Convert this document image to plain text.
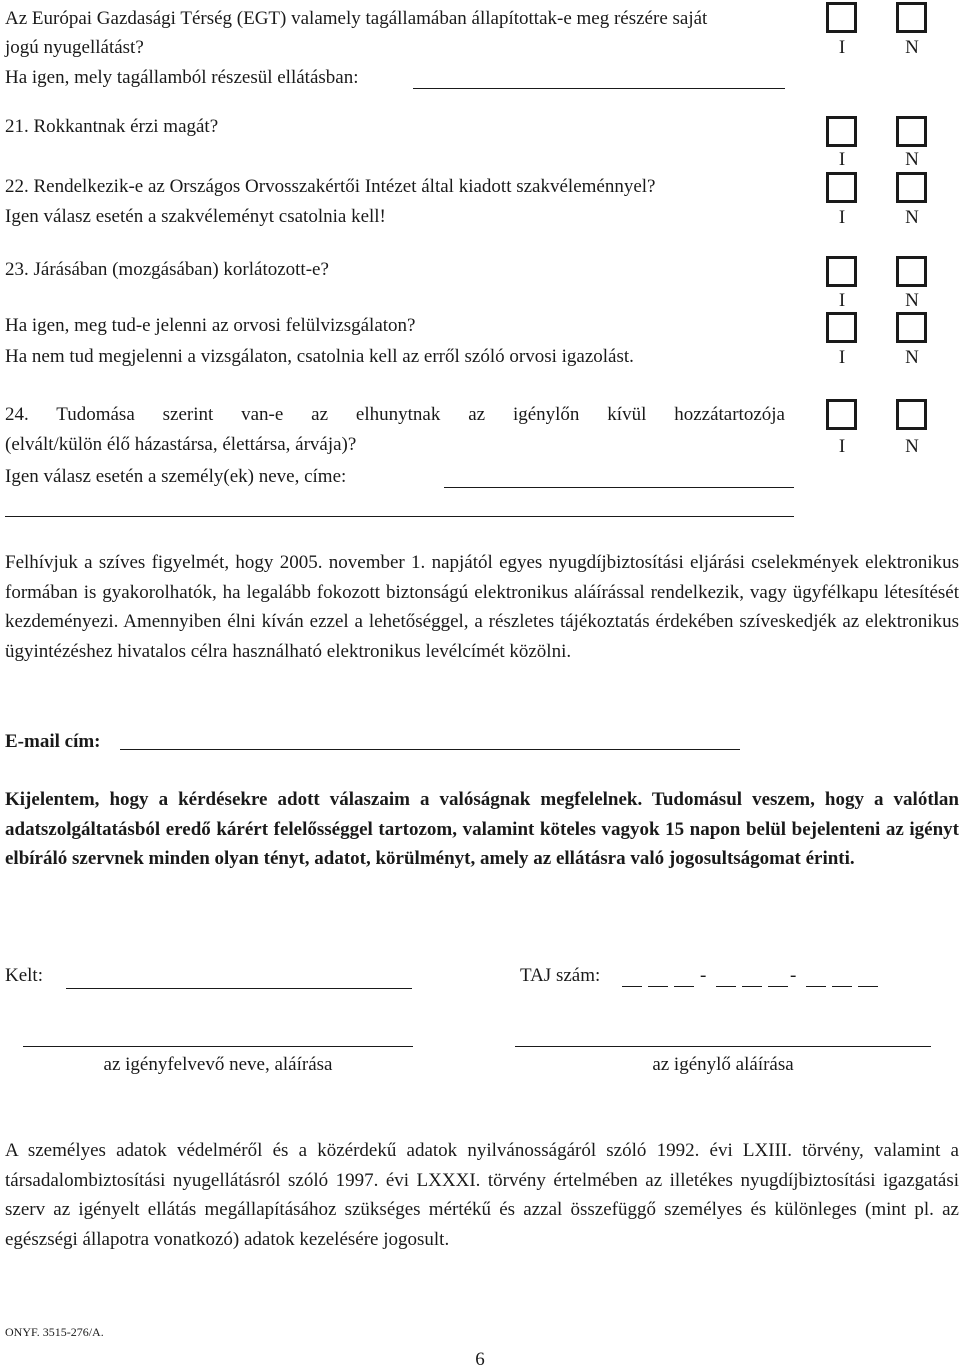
Az Európai Gazdasági Térség (EGT) valamely tagállamában állapítottak-e meg részére saját
jogú nyugellátást?
Ha igen, mely tagállamból részesül ellátásban:
I	N
21. Rokkantnak érzi magát?
I	N
22. Rendelkezik-e az Országos Orvosszakértői Intézet által kiadott szakvéleménnyel?
Igen válasz esetén a szakvéleményt csatolnia kell!	I	N
23. Járásában (mozgásában) korlátozott-e?
I	N
Ha igen, meg tud-e jelenni az orvosi felülvizsgálaton?
Ha nem tud megjelenni a vizsgálaton, csatolnia kell az erről szóló orvosi igazolást.	I	N
24. Tudomása szerint van-e az elhunytnak az igénylőn kívül hozzátartozója
(elvált/külön élő házastársa, élettársa, árvája)?
Igen válasz esetén a személy(ek) neve, címe:
I	N
Felhívjuk a szíves figyelmét, hogy 2005. november 1. napjától egyes nyugdíjbiztosítási eljárási cselekmények elektronikus formában is gyakorolhatók, ha legalább fokozott biztonságú elektronikus aláírással rendelkezik, vagy ügyfélkapu létesítését kezdeményezi. Amennyiben élni kíván ezzel a lehetőséggel, a részletes tájékoztatás érdekében szíveskedjék az elektronikus ügyintézéshez hivatalos célra használható elektronikus levélcímét közölni.
E-mail cím:
Kijelentem, hogy a kérdésekre adott válaszaim a valóságnak megfelelnek. Tudomásul veszem, hogy a valótlan adatszolgáltatásból eredő kárért felelősséggel tartozom, valamint köteles vagyok 15 napon belül bejelenteni az igényt elbíráló szervnek minden olyan tényt, adatot, körülményt, amely az ellátásra való jogosultságomat érinti.
Kelt:	TAJ szám:	-	-
az igényfelvevő neve, aláírása	az igénylő aláírása
A személyes adatok védelméről és a közérdekű adatok nyilvánosságáról szóló 1992. évi LXIII. törvény, valamint a társadalombiztosítási nyugellátásról szóló 1997. évi LXXXI. törvény értelmében az illetékes nyugdíjbiztosítási igazgatási szerv az igényelt ellátás megállapításához szükséges mértékű és azzal összefüggő személyes és különleges (mint pl. az egészségi állapotra vonatkozó) adatok kezelésére jogosult.
ONYF. 3515-276/A.
6
